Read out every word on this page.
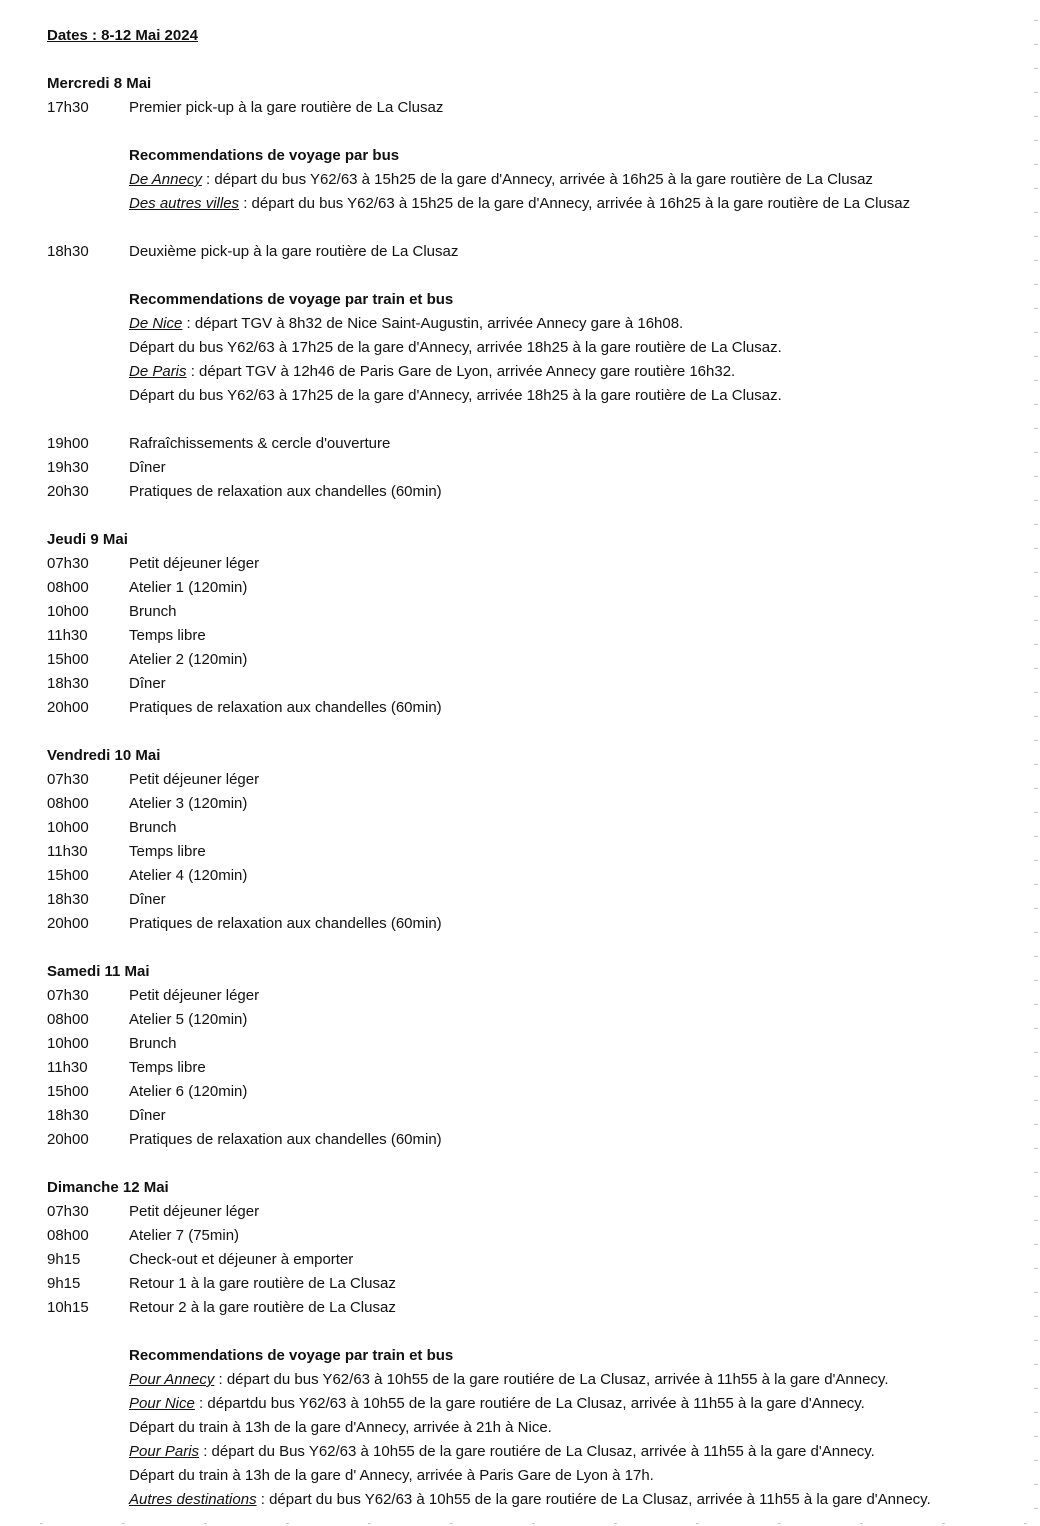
Dates : 8-12 Mai 2024
Mercredi 8 Mai
17h30	Premier pick-up à la gare routière de La Clusaz
Recommendations de voyage par bus
De Annecy : départ du bus Y62/63 à 15h25 de la gare d'Annecy, arrivée à 16h25 à la gare routière de La Clusaz
Des autres villes : départ du bus Y62/63 à 15h25 de la gare d'Annecy, arrivée à 16h25 à la gare routière de La Clusaz
18h30	Deuxième pick-up à la gare routière de La Clusaz
Recommendations de voyage par train et bus
De Nice : départ TGV à 8h32 de Nice Saint-Augustin, arrivée Annecy gare à 16h08.
Départ du bus Y62/63 à 17h25 de la gare d'Annecy, arrivée 18h25 à la gare routière de La Clusaz.
De Paris : départ TGV à 12h46 de Paris Gare de Lyon, arrivée Annecy gare routière 16h32.
Départ du bus Y62/63 à 17h25 de la gare d'Annecy, arrivée 18h25 à la gare routière de La Clusaz.
19h00	Rafraîchissements & cercle d'ouverture
19h30	Dîner
20h30	Pratiques de relaxation aux chandelles (60min)
Jeudi 9 Mai
07h30	Petit déjeuner léger
08h00	Atelier 1 (120min)
10h00	Brunch
11h30	Temps libre
15h00	Atelier 2 (120min)
18h30	Dîner
20h00	Pratiques de relaxation aux chandelles (60min)
Vendredi 10 Mai
07h30	Petit déjeuner léger
08h00	Atelier 3 (120min)
10h00	Brunch
11h30	Temps libre
15h00	Atelier 4 (120min)
18h30	Dîner
20h00	Pratiques de relaxation aux chandelles (60min)
Samedi 11 Mai
07h30	Petit déjeuner léger
08h00	Atelier 5 (120min)
10h00	Brunch
11h30	Temps libre
15h00	Atelier 6 (120min)
18h30	Dîner
20h00	Pratiques de relaxation aux chandelles (60min)
Dimanche 12 Mai
07h30	Petit déjeuner léger
08h00	Atelier 7 (75min)
9h15	Check-out et déjeuner à emporter
9h15	Retour 1 à la gare routière de La Clusaz
10h15	Retour 2 à la gare routière de La Clusaz
Recommendations de voyage par train et bus
Pour Annecy : départ du bus Y62/63 à 10h55 de la gare routiére de La Clusaz, arrivée à 11h55 à la gare d'Annecy.
Pour Nice : départdu bus Y62/63 à 10h55 de la gare routiére de La Clusaz, arrivée à 11h55 à la gare d'Annecy.
Départ du train à 13h de la gare d'Annecy, arrivée à 21h à Nice.
Pour Paris : départ du Bus Y62/63 à 10h55 de la gare routiére de La Clusaz, arrivée à 11h55 à la gare d'Annecy.
Départ du train à 13h de la gare d' Annecy, arrivée à Paris Gare de Lyon à 17h.
Autres destinations : départ du bus Y62/63 à 10h55 de la gare routiére de La Clusaz, arrivée à 11h55 à la gare d'Annecy.
